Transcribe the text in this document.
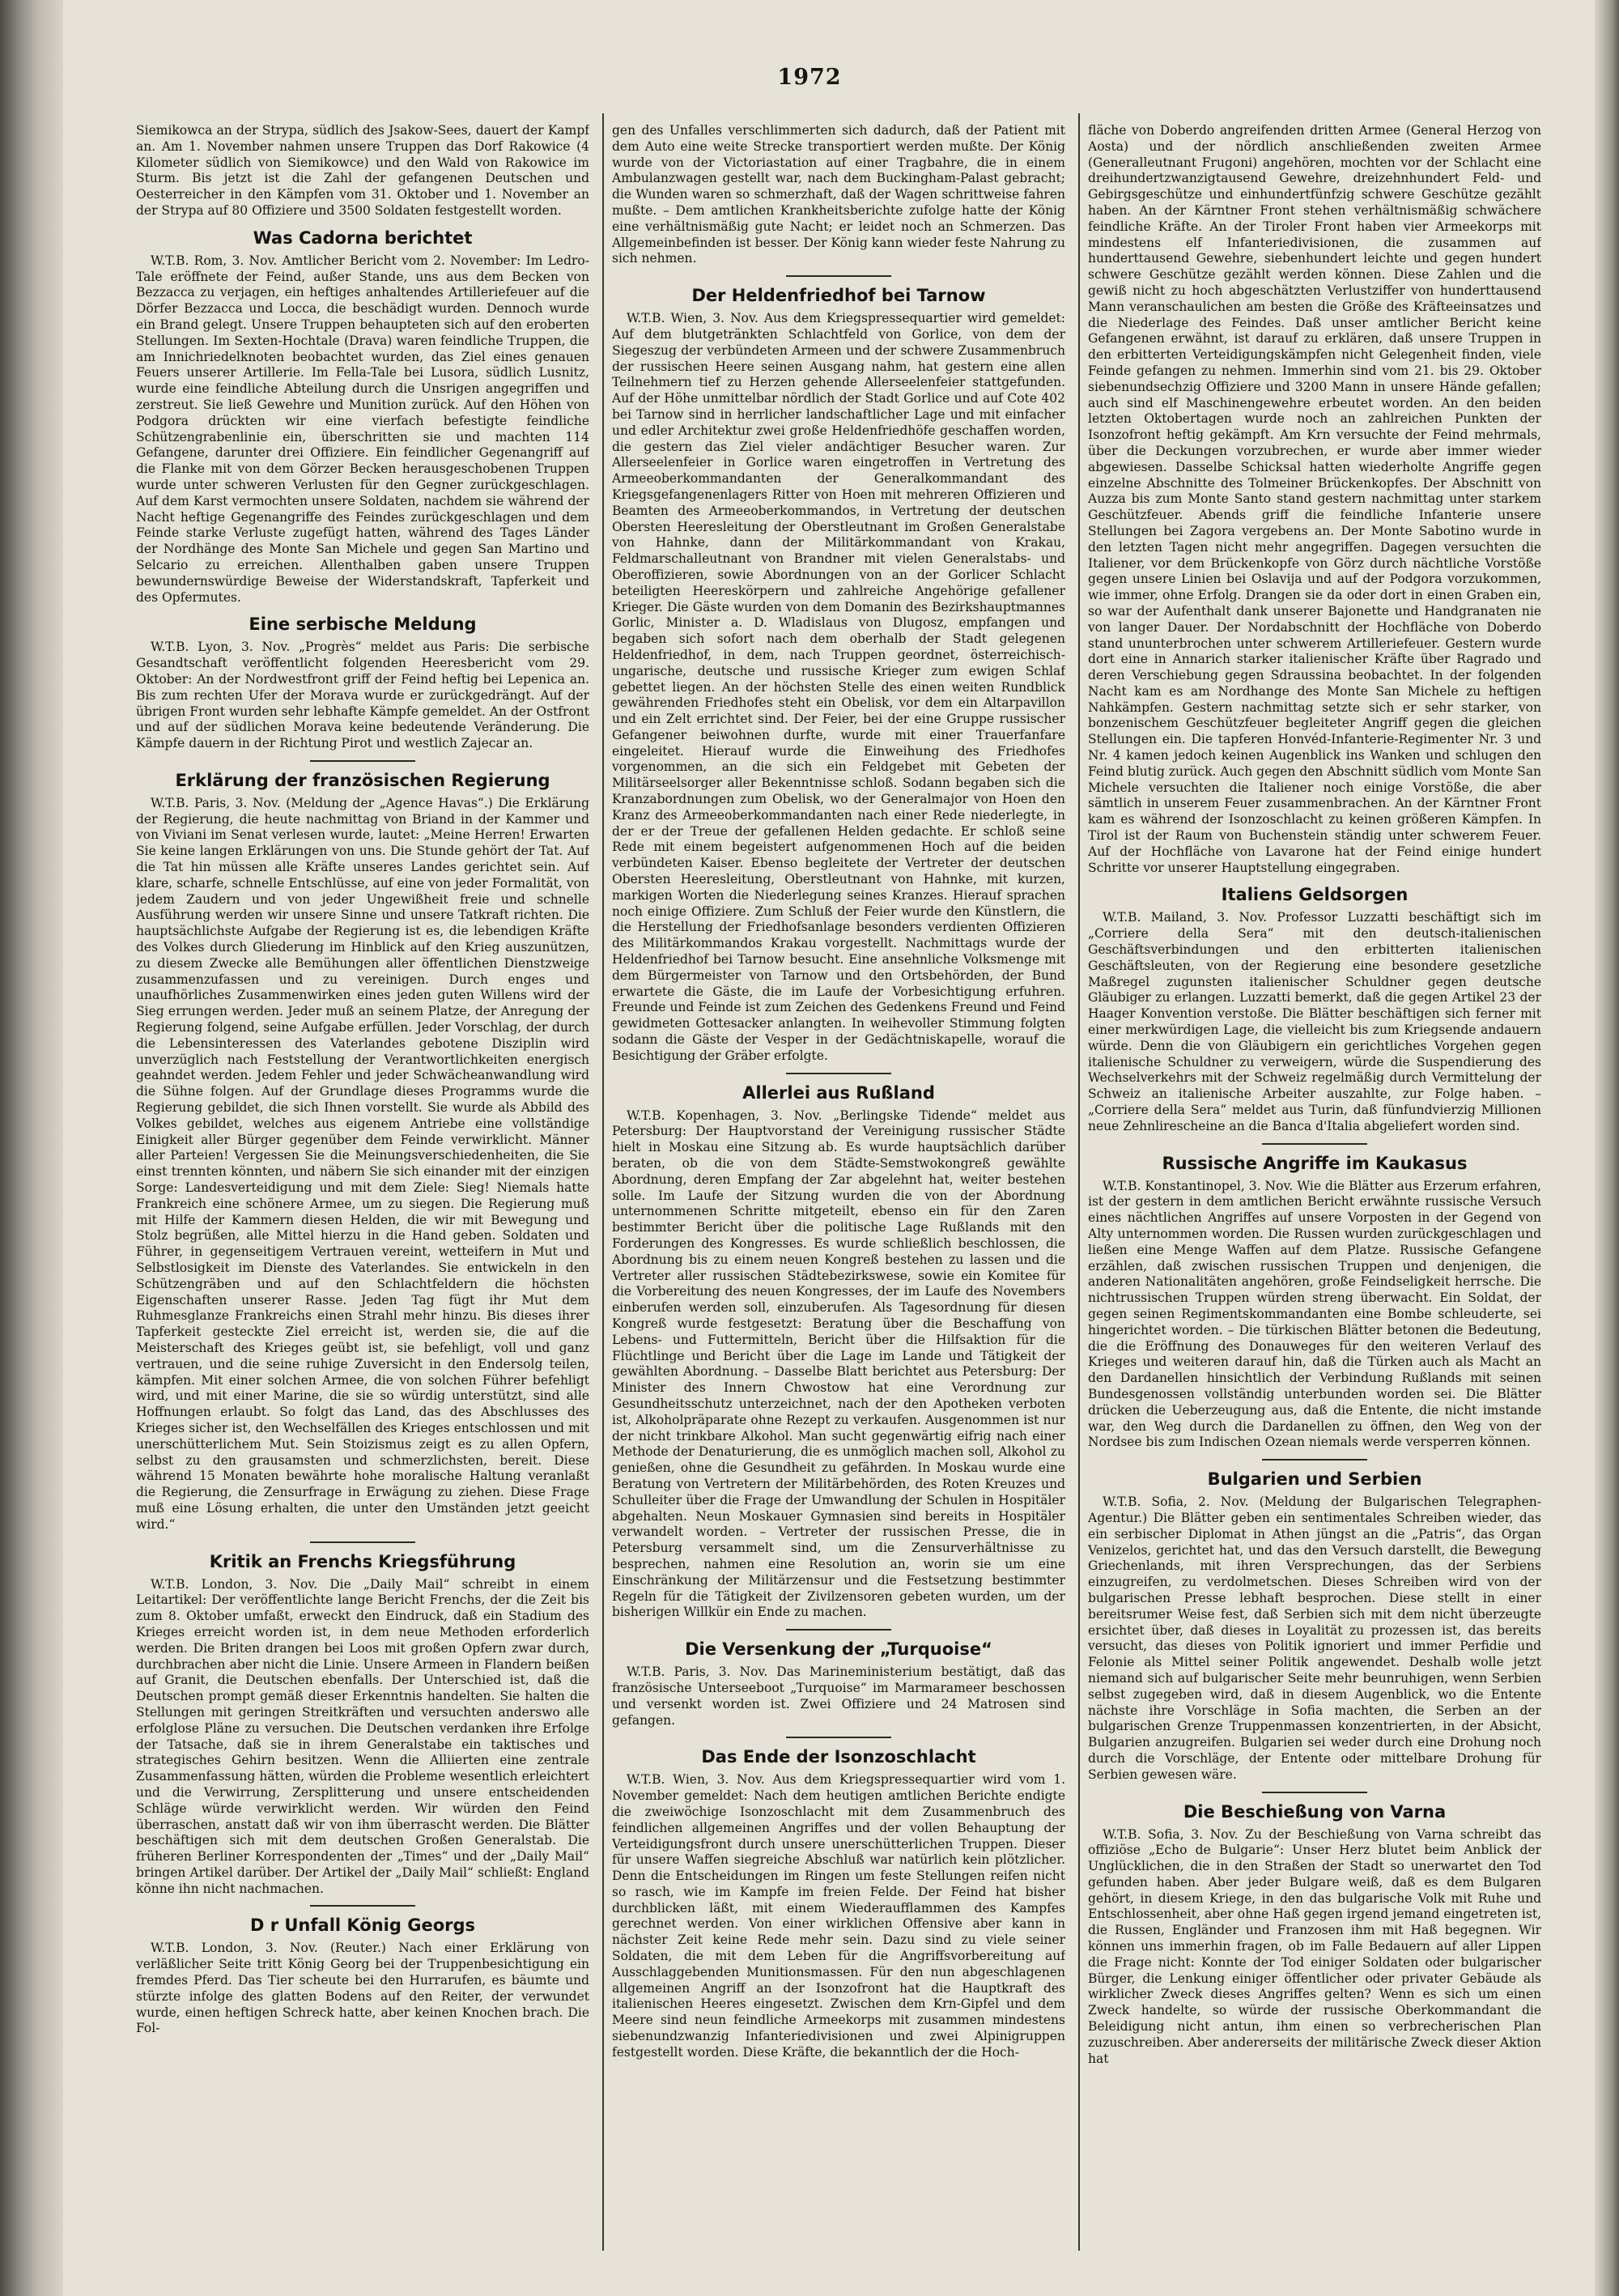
1972

Siemikowca an der Strypa, südlich des Jsakow-Sees, dauert der Kampf an. Am 1. November nahmen unsere Truppen das Dorf Rakowice (4 Kilometer südlich von Siemikowce) und den Wald von Rakowice im Sturm. Bis jetzt ist die Zahl der gefangenen Deutschen und Oesterreicher in den Kämpfen vom 31. Oktober und 1. November an der Strypa auf 80 Offiziere und 3500 Soldaten festgestellt worden.

Was Cadorna berichtet

W.T.B. Rom, 3. Nov. Amtlicher Bericht vom 2. November: Im Ledro-Tale eröffnete der Feind, außer Stande, uns aus dem Becken von Bezzacca zu verjagen, ein heftiges anhaltendes Artilleriefeuer auf die Dörfer Bezzacca und Locca, die beschädigt wurden. Dennoch wurde ein Brand gelegt. Unsere Truppen behaupteten sich auf den eroberten Stellungen. Im Sexten-Hochtale (Drava) waren feindliche Truppen, die am Innichriedelknoten beobachtet wurden, das Ziel eines genauen Feuers unserer Artillerie. Im Fella-Tale bei Lusora, südlich Lusnitz, wurde eine feindliche Abteilung durch die Unsrigen angegriffen und zerstreut. Sie ließ Gewehre und Munition zurück. Auf den Höhen von Podgora drückten wir eine vierfach befestigte feindliche Schützengrabenlinie ein, überschritten sie und machten 114 Gefangene, darunter drei Offiziere. Ein feindlicher Gegenangriff auf die Flanke mit von dem Görzer Becken herausgeschobenen Truppen wurde unter schweren Verlusten für den Gegner zurückgeschlagen. Auf dem Karst vermochten unsere Soldaten, nachdem sie während der Nacht heftige Gegenangriffe des Feindes zurückgeschlagen und dem Feinde starke Verluste zugefügt hatten, während des Tages Länder der Nordhänge des Monte San Michele und gegen San Martino und Selcario zu erreichen. Allenthalben gaben unsere Truppen bewundernswürdige Beweise der Widerstandskraft, Tapferkeit und des Opfermutes.

Eine serbische Meldung

W.T.B. Lyon, 3. Nov. „Progrès“ meldet aus Paris: Die serbische Gesandtschaft veröffentlicht folgenden Heeresbericht vom 29. Oktober: An der Nordwestfront griff der Feind heftig bei Lepenica an. Bis zum rechten Ufer der Morava wurde er zurückgedrängt. Auf der übrigen Front wurden sehr lebhafte Kämpfe gemeldet. An der Ostfront und auf der südlichen Morava keine bedeutende Veränderung. Die Kämpfe dauern in der Richtung Pirot und westlich Zajecar an.

Erklärung der französischen Regierung

W.T.B. Paris, 3. Nov. (Meldung der „Agence Havas“.) Die Erklärung der Regierung, die heute nachmittag von Briand in der Kammer und von Viviani im Senat verlesen wurde, lautet: „Meine Herren! Erwarten Sie keine langen Erklärungen von uns. Die Stunde gehört der Tat. Auf die Tat hin müssen alle Kräfte unseres Landes gerichtet sein. Auf klare, scharfe, schnelle Entschlüsse, auf eine von jeder Formalität, von jedem Zaudern und von jeder Ungewißheit freie und schnelle Ausführung werden wir unsere Sinne und unsere Tatkraft richten. Die hauptsächlichste Aufgabe der Regierung ist es, die lebendigen Kräfte des Volkes durch Gliederung im Hinblick auf den Krieg auszunützen, zu diesem Zwecke alle Bemühungen aller öffentlichen Dienstzweige zusammenzufassen und zu vereinigen. Durch enges und unaufhörliches Zusammenwirken eines jeden guten Willens wird der Sieg errungen werden. Jeder muß an seinem Platze, der Anregung der Regierung folgend, seine Aufgabe erfüllen. Jeder Vorschlag, der durch die Lebensinteressen des Vaterlandes gebotene Disziplin wird unverzüglich nach Feststellung der Verantwortlichkeiten energisch geahndet werden. Jedem Fehler und jeder Schwächeanwandlung wird die Sühne folgen. Auf der Grundlage dieses Programms wurde die Regierung gebildet, die sich Ihnen vorstellt. Sie wurde als Abbild des Volkes gebildet, welches aus eigenem Antriebe eine vollständige Einigkeit aller Bürger gegenüber dem Feinde verwirklicht. Männer aller Parteien! Vergessen Sie die Meinungsverschiedenheiten, die Sie einst trennten könnten, und näbern Sie sich einander mit der einzigen Sorge: Landesverteidigung und mit dem Ziele: Sieg! Niemals hatte Frankreich eine schönere Armee, um zu siegen. Die Regierung muß mit Hilfe der Kammern diesen Helden, die wir mit Bewegung und Stolz begrüßen, alle Mittel hierzu in die Hand geben. Soldaten und Führer, in gegenseitigem Vertrauen vereint, wetteifern in Mut und Selbstlosigkeit im Dienste des Vaterlandes. Sie entwickeln in den Schützengräben und auf den Schlachtfeldern die höchsten Eigenschaften unserer Rasse. Jeden Tag fügt ihr Mut dem Ruhmesglanze Frankreichs einen Strahl mehr hinzu. Bis dieses ihrer Tapferkeit gesteckte Ziel erreicht ist, werden sie, die auf die Meisterschaft des Krieges geübt ist, sie befehligt, voll und ganz vertrauen, und die seine ruhige Zuversicht in den Endersolg teilen, kämpfen. Mit einer solchen Armee, die von solchen Führer befehligt wird, und mit einer Marine, die sie so würdig unterstützt, sind alle Hoffnungen erlaubt. So folgt das Land, das des Abschlusses des Krieges sicher ist, den Wechselfällen des Krieges entschlossen und mit unerschütterlichem Mut. Sein Stoizismus zeigt es zu allen Opfern, selbst zu den grausamsten und schmerzlichsten, bereit. Diese während 15 Monaten bewährte hohe moralische Haltung veranlaßt die Regierung, die Zensurfrage in Erwägung zu ziehen. Diese Frage muß eine Lösung erhalten, die unter den Umständen jetzt geeicht wird.“

Kritik an Frenchs Kriegsführung

W.T.B. London, 3. Nov. Die „Daily Mail“ schreibt in einem Leitartikel: Der veröffentlichte lange Bericht Frenchs, der die Zeit bis zum 8. Oktober umfaßt, erweckt den Eindruck, daß ein Stadium des Krieges erreicht worden ist, in dem neue Methoden erforderlich werden. Die Briten drangen bei Loos mit großen Opfern zwar durch, durchbrachen aber nicht die Linie. Unsere Armeen in Flandern beißen auf Granit, die Deutschen ebenfalls. Der Unterschied ist, daß die Deutschen prompt gemäß dieser Erkenntnis handelten. Sie halten die Stellungen mit geringen Streitkräften und versuchten anderswo alle erfolglose Pläne zu versuchen. Die Deutschen verdanken ihre Erfolge der Tatsache, daß sie in ihrem Generalstabe ein taktisches und strategisches Gehirn besitzen. Wenn die Alliierten eine zentrale Zusammenfassung hätten, würden die Probleme wesentlich erleichtert und die Verwirrung, Zersplitterung und unsere entscheidenden Schläge würde verwirklicht werden. Wir würden den Feind überraschen, anstatt daß wir von ihm überrascht werden. Die Blätter beschäftigen sich mit dem deutschen Großen Generalstab. Die früheren Berliner Korrespondenten der „Times“ und der „Daily Mail“ bringen Artikel darüber. Der Artikel der „Daily Mail“ schließt: England könne ihn nicht nachmachen.

D r Unfall König Georgs

W.T.B. London, 3. Nov. (Reuter.) Nach einer Erklärung von verläßlicher Seite tritt König Georg bei der Truppenbesichtigung ein fremdes Pferd. Das Tier scheute bei den Hurrarufen, es bäumte und stürzte infolge des glatten Bodens auf den Reiter, der verwundet wurde, einen heftigen Schreck hatte, aber keinen Knochen brach. Die Fol-

gen des Unfalles verschlimmerten sich dadurch, daß der Patient mit dem Auto eine weite Strecke transportiert werden mußte. Der König wurde von der Victoriastation auf einer Tragbahre, die in einem Ambulanzwagen gestellt war, nach dem Buckingham-Palast gebracht; die Wunden waren so schmerzhaft, daß der Wagen schrittweise fahren mußte. – Dem amtlichen Krankheitsberichte zufolge hatte der König eine verhältnismäßig gute Nacht; er leidet noch an Schmerzen. Das Allgemeinbefinden ist besser. Der König kann wieder feste Nahrung zu sich nehmen.

Der Heldenfriedhof bei Tarnow

W.T.B. Wien, 3. Nov. Aus dem Kriegspressequartier wird gemeldet: Auf dem blutgetränkten Schlachtfeld von Gorlice, von dem der Siegeszug der verbündeten Armeen und der schwere Zusammenbruch der russischen Heere seinen Ausgang nahm, hat gestern eine allen Teilnehmern tief zu Herzen gehende Allerseelenfeier stattgefunden. Auf der Höhe unmittelbar nördlich der Stadt Gorlice und auf Cote 402 bei Tarnow sind in herrlicher landschaftlicher Lage und mit einfacher und edler Architektur zwei große Heldenfriedhöfe geschaffen worden, die gestern das Ziel vieler andächtiger Besucher waren. Zur Allerseelenfeier in Gorlice waren eingetroffen in Vertretung des Armeeoberkommandanten der Generalkommandant des Kriegsgefangenenlagers Ritter von Hoen mit mehreren Offizieren und Beamten des Armeeoberkommandos, in Vertretung der deutschen Obersten Heeresleitung der Oberstleutnant im Großen Generalstabe von Hahnke, dann der Militärkommandant von Krakau, Feldmarschalleutnant von Brandner mit vielen Generalstabs- und Oberoffizieren, sowie Abordnungen von an der Gorlicer Schlacht beteiligten Heereskörpern und zahlreiche Angehörige gefallener Krieger. Die Gäste wurden von dem Domanin des Bezirkshauptmannes Gorlic, Minister a. D. Wladislaus von Dlugosz, empfangen und begaben sich sofort nach dem oberhalb der Stadt gelegenen Heldenfriedhof, in dem, nach Truppen geordnet, österreichisch-ungarische, deutsche und russische Krieger zum ewigen Schlaf gebettet liegen. An der höchsten Stelle des einen weiten Rundblick gewährenden Friedhofes steht ein Obelisk, vor dem ein Altarpavillon und ein Zelt errichtet sind. Der Feier, bei der eine Gruppe russischer Gefangener beiwohnen durfte, wurde mit einer Trauerfanfare eingeleitet. Hierauf wurde die Einweihung des Friedhofes vorgenommen, an die sich ein Feldgebet mit Gebeten der Militärseelsorger aller Bekenntnisse schloß. Sodann begaben sich die Kranzabordnungen zum Obelisk, wo der Generalmajor von Hoen den Kranz des Armeeoberkommandanten nach einer Rede niederlegte, in der er der Treue der gefallenen Helden gedachte. Er schloß seine Rede mit einem begeistert aufgenommenen Hoch auf die beiden verbündeten Kaiser. Ebenso begleitete der Vertreter der deutschen Obersten Heeresleitung, Oberstleutnant von Hahnke, mit kurzen, markigen Worten die Niederlegung seines Kranzes. Hierauf sprachen noch einige Offiziere. Zum Schluß der Feier wurde den Künstlern, die die Herstellung der Friedhofsanlage besonders verdienten Offizieren des Militärkommandos Krakau vorgestellt. Nachmittags wurde der Heldenfriedhof bei Tarnow besucht. Eine ansehnliche Volksmenge mit dem Bürgermeister von Tarnow und den Ortsbehörden, der Bund erwartete die Gäste, die im Laufe der Vorbesichtigung erfuhren. Freunde und Feinde ist zum Zeichen des Gedenkens Freund und Feind gewidmeten Gottesacker anlangten. In weihevoller Stimmung folgten sodann die Gäste der Vesper in der Gedächtniskapelle, worauf die Besichtigung der Gräber erfolgte.

Allerlei aus Rußland

W.T.B. Kopenhagen, 3. Nov. „Berlingske Tidende“ meldet aus Petersburg: Der Hauptvorstand der Vereinigung russischer Städte hielt in Moskau eine Sitzung ab. Es wurde hauptsächlich darüber beraten, ob die von dem Städte-Semstwokongreß gewählte Abordnung, deren Empfang der Zar abgelehnt hat, weiter bestehen solle. Im Laufe der Sitzung wurden die von der Abordnung unternommenen Schritte mitgeteilt, ebenso ein für den Zaren bestimmter Bericht über die politische Lage Rußlands mit den Forderungen des Kongresses. Es wurde schließlich beschlossen, die Abordnung bis zu einem neuen Kongreß bestehen zu lassen und die Vertreter aller russischen Städtebezirkswese, sowie ein Komitee für die Vorbereitung des neuen Kongresses, der im Laufe des Novembers einberufen werden soll, einzuberufen. Als Tagesordnung für diesen Kongreß wurde festgesetzt: Beratung über die Beschaffung von Lebens- und Futtermitteln, Bericht über die Hilfsaktion für die Flüchtlinge und Bericht über die Lage im Lande und Tätigkeit der gewählten Abordnung. – Dasselbe Blatt berichtet aus Petersburg: Der Minister des Innern Chwostow hat eine Verordnung zur Gesundheitsschutz unterzeichnet, nach der den Apotheken verboten ist, Alkoholpräparate ohne Rezept zu verkaufen. Ausgenommen ist nur der nicht trinkbare Alkohol. Man sucht gegenwärtig eifrig nach einer Methode der Denaturierung, die es unmöglich machen soll, Alkohol zu genießen, ohne die Gesundheit zu gefährden. In Moskau wurde eine Beratung von Vertretern der Militärbehörden, des Roten Kreuzes und Schulleiter über die Frage der Umwandlung der Schulen in Hospitäler abgehalten. Neun Moskauer Gymnasien sind bereits in Hospitäler verwandelt worden. – Vertreter der russischen Presse, die in Petersburg versammelt sind, um die Zensurverhältnisse zu besprechen, nahmen eine Resolution an, worin sie um eine Einschränkung der Militärzensur und die Festsetzung bestimmter Regeln für die Tätigkeit der Zivilzensoren gebeten wurden, um der bisherigen Willkür ein Ende zu machen.

Die Versenkung der „Turquoise“

W.T.B. Paris, 3. Nov. Das Marineministerium bestätigt, daß das französische Unterseeboot „Turquoise“ im Marmarameer beschossen und versenkt worden ist. Zwei Offiziere und 24 Matrosen sind gefangen.

Das Ende der Isonzoschlacht

W.T.B. Wien, 3. Nov. Aus dem Kriegspressequartier wird vom 1. November gemeldet: Nach dem heutigen amtlichen Berichte endigte die zweiwöchige Isonzoschlacht mit dem Zusammenbruch des feindlichen allgemeinen Angriffes und der vollen Behauptung der Verteidigungsfront durch unsere unerschütterlichen Truppen. Dieser für unsere Waffen siegreiche Abschluß war natürlich kein plötzlicher. Denn die Entscheidungen im Ringen um feste Stellungen reifen nicht so rasch, wie im Kampfe im freien Felde. Der Feind hat bisher durchblicken läßt, mit einem Wiederaufflammen des Kampfes gerechnet werden. Von einer wirklichen Offensive aber kann in nächster Zeit keine Rede mehr sein. Dazu sind zu viele seiner Soldaten, die mit dem Leben für die Angriffsvorbereitung auf Ausschlaggebenden Munitionsmassen. Für den nun abgeschlagenen allgemeinen Angriff an der Isonzofront hat die Hauptkraft des italienischen Heeres eingesetzt. Zwischen dem Krn-Gipfel und dem Meere sind neun feindliche Armeekorps mit zusammen mindestens siebenundzwanzig Infanteriedivisionen und zwei Alpinigruppen festgestellt worden. Diese Kräfte, die bekanntlich der die Hoch-

fläche von Doberdo angreifenden dritten Armee (General Herzog von Aosta) und der nördlich anschließenden zweiten Armee (Generalleutnant Frugoni) angehören, mochten vor der Schlacht eine dreihundertzwanzigtausend Gewehre, dreizehnhundert Feld- und Gebirgsgeschütze und einhundertfünfzig schwere Geschütze gezählt haben. An der Kärntner Front stehen verhältnismäßig schwächere feindliche Kräfte. An der Tiroler Front haben vier Armeekorps mit mindestens elf Infanteriedivisionen, die zusammen auf hunderttausend Gewehre, siebenhundert leichte und gegen hundert schwere Geschütze gezählt werden können. Diese Zahlen und die gewiß nicht zu hoch abgeschätzten Verlustziffer von hunderttausend Mann veranschaulichen am besten die Größe des Kräfteeinsatzes und die Niederlage des Feindes. Daß unser amtlicher Bericht keine Gefangenen erwähnt, ist darauf zu erklären, daß unsere Truppen in den erbitterten Verteidigungskämpfen nicht Gelegenheit finden, viele Feinde gefangen zu nehmen. Immerhin sind vom 21. bis 29. Oktober siebenundsechzig Offiziere und 3200 Mann in unsere Hände gefallen; auch sind elf Maschinengewehre erbeutet worden. An den beiden letzten Oktobertagen wurde noch an zahlreichen Punkten der Isonzofront heftig gekämpft. Am Krn versuchte der Feind mehrmals, über die Deckungen vorzubrechen, er wurde aber immer wieder abgewiesen. Dasselbe Schicksal hatten wiederholte Angriffe gegen einzelne Abschnitte des Tolmeiner Brückenkopfes. Der Abschnitt von Auzza bis zum Monte Santo stand gestern nachmittag unter starkem Geschützfeuer. Abends griff die feindliche Infanterie unsere Stellungen bei Zagora vergebens an. Der Monte Sabotino wurde in den letzten Tagen nicht mehr angegriffen. Dagegen versuchten die Italiener, vor dem Brückenkopfe von Görz durch nächtliche Vorstöße gegen unsere Linien bei Oslavija und auf der Podgora vorzukommen, wie immer, ohne Erfolg. Drangen sie da oder dort in einen Graben ein, so war der Aufenthalt dank unserer Bajonette und Handgranaten nie von langer Dauer. Der Nordabschnitt der Hochfläche von Doberdo stand ununterbrochen unter schwerem Artilleriefeuer. Gestern wurde dort eine in Annarich starker italienischer Kräfte über Ragrado und deren Verschiebung gegen Sdraussina beobachtet. In der folgenden Nacht kam es am Nordhange des Monte San Michele zu heftigen Nahkämpfen. Gestern nachmittag setzte sich er sehr starker, von bonzenischem Geschützfeuer begleiteter Angriff gegen die gleichen Stellungen ein. Die tapferen Honvéd-Infanterie-Regimenter Nr. 3 und Nr. 4 kamen jedoch keinen Augenblick ins Wanken und schlugen den Feind blutig zurück. Auch gegen den Abschnitt südlich vom Monte San Michele versuchten die Italiener noch einige Vorstöße, die aber sämtlich in unserem Feuer zusammenbrachen. An der Kärntner Front kam es während der Isonzoschlacht zu keinen größeren Kämpfen. In Tirol ist der Raum von Buchenstein ständig unter schwerem Feuer. Auf der Hochfläche von Lavarone hat der Feind einige hundert Schritte vor unserer Hauptstellung eingegraben.

Italiens Geldsorgen

W.T.B. Mailand, 3. Nov. Professor Luzzatti beschäftigt sich im „Corriere della Sera“ mit den deutsch-italienischen Geschäftsverbindungen und den erbitterten italienischen Geschäftsleuten, von der Regierung eine besondere gesetzliche Maßregel zugunsten italienischer Schuldner gegen deutsche Gläubiger zu erlangen. Luzzatti bemerkt, daß die gegen Artikel 23 der Haager Konvention verstoße. Die Blätter beschäftigen sich ferner mit einer merkwürdigen Lage, die vielleicht bis zum Kriegsende andauern würde. Denn die von Gläubigern ein gerichtliches Vorgehen gegen italienische Schuldner zu verweigern, würde die Suspendierung des Wechselverkehrs mit der Schweiz regelmäßig durch Vermittelung der Schweiz an italienische Arbeiter auszahlte, zur Folge haben. – „Corriere della Sera“ meldet aus Turin, daß fünfundvierzig Millionen neue Zehnlirescheine an die Banca d'Italia abgeliefert worden sind.

Russische Angriffe im Kaukasus

W.T.B. Konstantinopel, 3. Nov. Wie die Blätter aus Erzerum erfahren, ist der gestern in dem amtlichen Bericht erwähnte russische Versuch eines nächtlichen Angriffes auf unsere Vorposten in der Gegend von Alty unternommen worden. Die Russen wurden zurückgeschlagen und ließen eine Menge Waffen auf dem Platze. Russische Gefangene erzählen, daß zwischen russischen Truppen und denjenigen, die anderen Nationalitäten angehören, große Feindseligkeit herrsche. Die nichtrussischen Truppen würden streng überwacht. Ein Soldat, der gegen seinen Regimentskommandanten eine Bombe schleuderte, sei hingerichtet worden. – Die türkischen Blätter betonen die Bedeutung, die die Eröffnung des Donauweges für den weiteren Verlauf des Krieges und weiteren darauf hin, daß die Türken auch als Macht an den Dardanellen hinsichtlich der Verbindung Rußlands mit seinen Bundesgenossen vollständig unterbunden worden sei. Die Blätter drücken die Ueberzeugung aus, daß die Entente, die nicht imstande war, den Weg durch die Dardanellen zu öffnen, den Weg von der Nordsee bis zum Indischen Ozean niemals werde versperren können.

Bulgarien und Serbien

W.T.B. Sofia, 2. Nov. (Meldung der Bulgarischen Telegraphen-Agentur.) Die Blätter geben ein sentimentales Schreiben wieder, das ein serbischer Diplomat in Athen jüngst an die „Patris“, das Organ Venizelos, gerichtet hat, und das den Versuch darstellt, die Bewegung Griechenlands, mit ihren Versprechungen, das der Serbiens einzugreifen, zu verdolmetschen. Dieses Schreiben wird von der bulgarischen Presse lebhaft besprochen. Diese stellt in einer bereitsrumer Weise fest, daß Serbien sich mit dem nicht überzeugte ersichtet über, daß dieses in Loyalität zu prozessen ist, das bereits versucht, das dieses von Politik ignoriert und immer Perfidie und Felonie als Mittel seiner Politik angewendet. Deshalb wolle jetzt niemand sich auf bulgarischer Seite mehr beunruhigen, wenn Serbien selbst zugegeben wird, daß in diesem Augenblick, wo die Entente nächste ihre Vorschläge in Sofia machten, die Serben an der bulgarischen Grenze Truppenmassen konzentrierten, in der Absicht, Bulgarien anzugreifen. Bulgarien sei weder durch eine Drohung noch durch die Vorschläge, der Entente oder mittelbare Drohung für Serbien gewesen wäre.

Die Beschießung von Varna

W.T.B. Sofia, 3. Nov. Zu der Beschießung von Varna schreibt das offiziöse „Echo de Bulgarie“: Unser Herz blutet beim Anblick der Unglücklichen, die in den Straßen der Stadt so unerwartet den Tod gefunden haben. Aber jeder Bulgare weiß, daß es dem Bulgaren gehört, in diesem Kriege, in den das bulgarische Volk mit Ruhe und Entschlossenheit, aber ohne Haß gegen irgend jemand eingetreten ist, die Russen, Engländer und Franzosen ihm mit Haß begegnen. Wir können uns immerhin fragen, ob im Falle Bedauern auf aller Lippen die Frage nicht: Konnte der Tod einiger Soldaten oder bulgarischer Bürger, die Lenkung einiger öffentlicher oder privater Gebäude als wirklicher Zweck dieses Angriffes gelten? Wenn es sich um einen Zweck handelte, so würde der russische Oberkommandant die Beleidigung nicht antun, ihm einen so verbrecherischen Plan zuzuschreiben. Aber andererseits der militärische Zweck dieser Aktion hat
